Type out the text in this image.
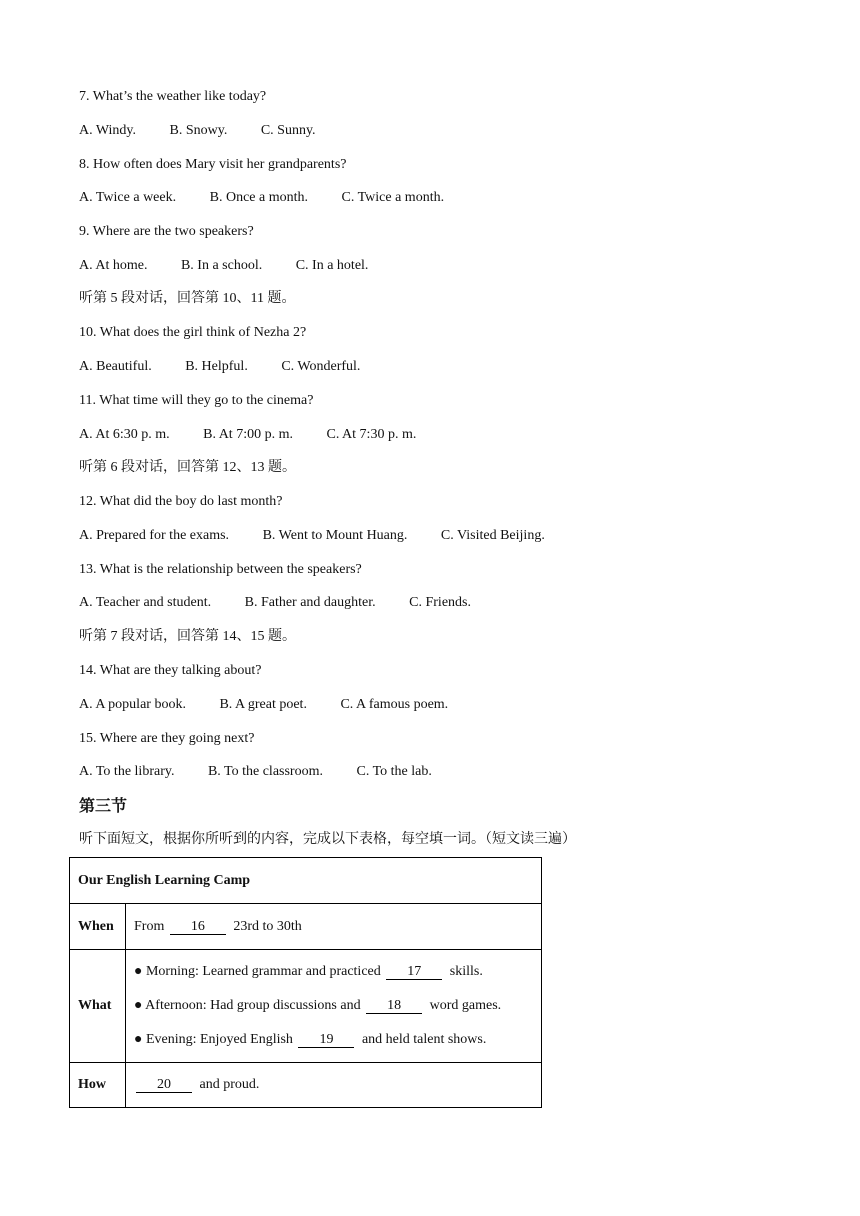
7. What’s the weather like today?
A. Windy. B. Snowy. C. Sunny.
8. How often does Mary visit her grandparents?
A. Twice a week. B. Once a month. C. Twice a month.
9. Where are the two speakers?
A. At home. B. In a school. C. In a hotel.
听第 5 段对话，回答第 10、11 题。
10. What does the girl think of Nezha 2?
A. Beautiful. B. Helpful. C. Wonderful.
11. What time will they go to the cinema?
A. At 6:30 p. m. B. At 7:00 p. m. C. At 7:30 p. m.
听第 6 段对话，回答第 12、13 题。
12. What did the boy do last month?
A. Prepared for the exams. B. Went to Mount Huang. C. Visited Beijing.
13. What is the relationship between the speakers?
A. Teacher and student. B. Father and daughter. C. Friends.
听第 7 段对话，回答第 14、15 题。
14. What are they talking about?
A. A popular book. B. A great poet. C. A famous poem.
15. Where are they going next?
A. To the library. B. To the classroom. C. To the lab.
第三节
听下面短文，根据你所听到的内容，完成以下表格，每空填一词。（短文读三遍）
Our English Learning Camp	
When	From 16 23rd to 30th
What	● Morning: Learned grammar and practiced 17 skills.
● Afternoon: Had group discussions and 18 word games.
● Evening: Enjoyed English 19 and held talent shows.

How	20 and proud.
